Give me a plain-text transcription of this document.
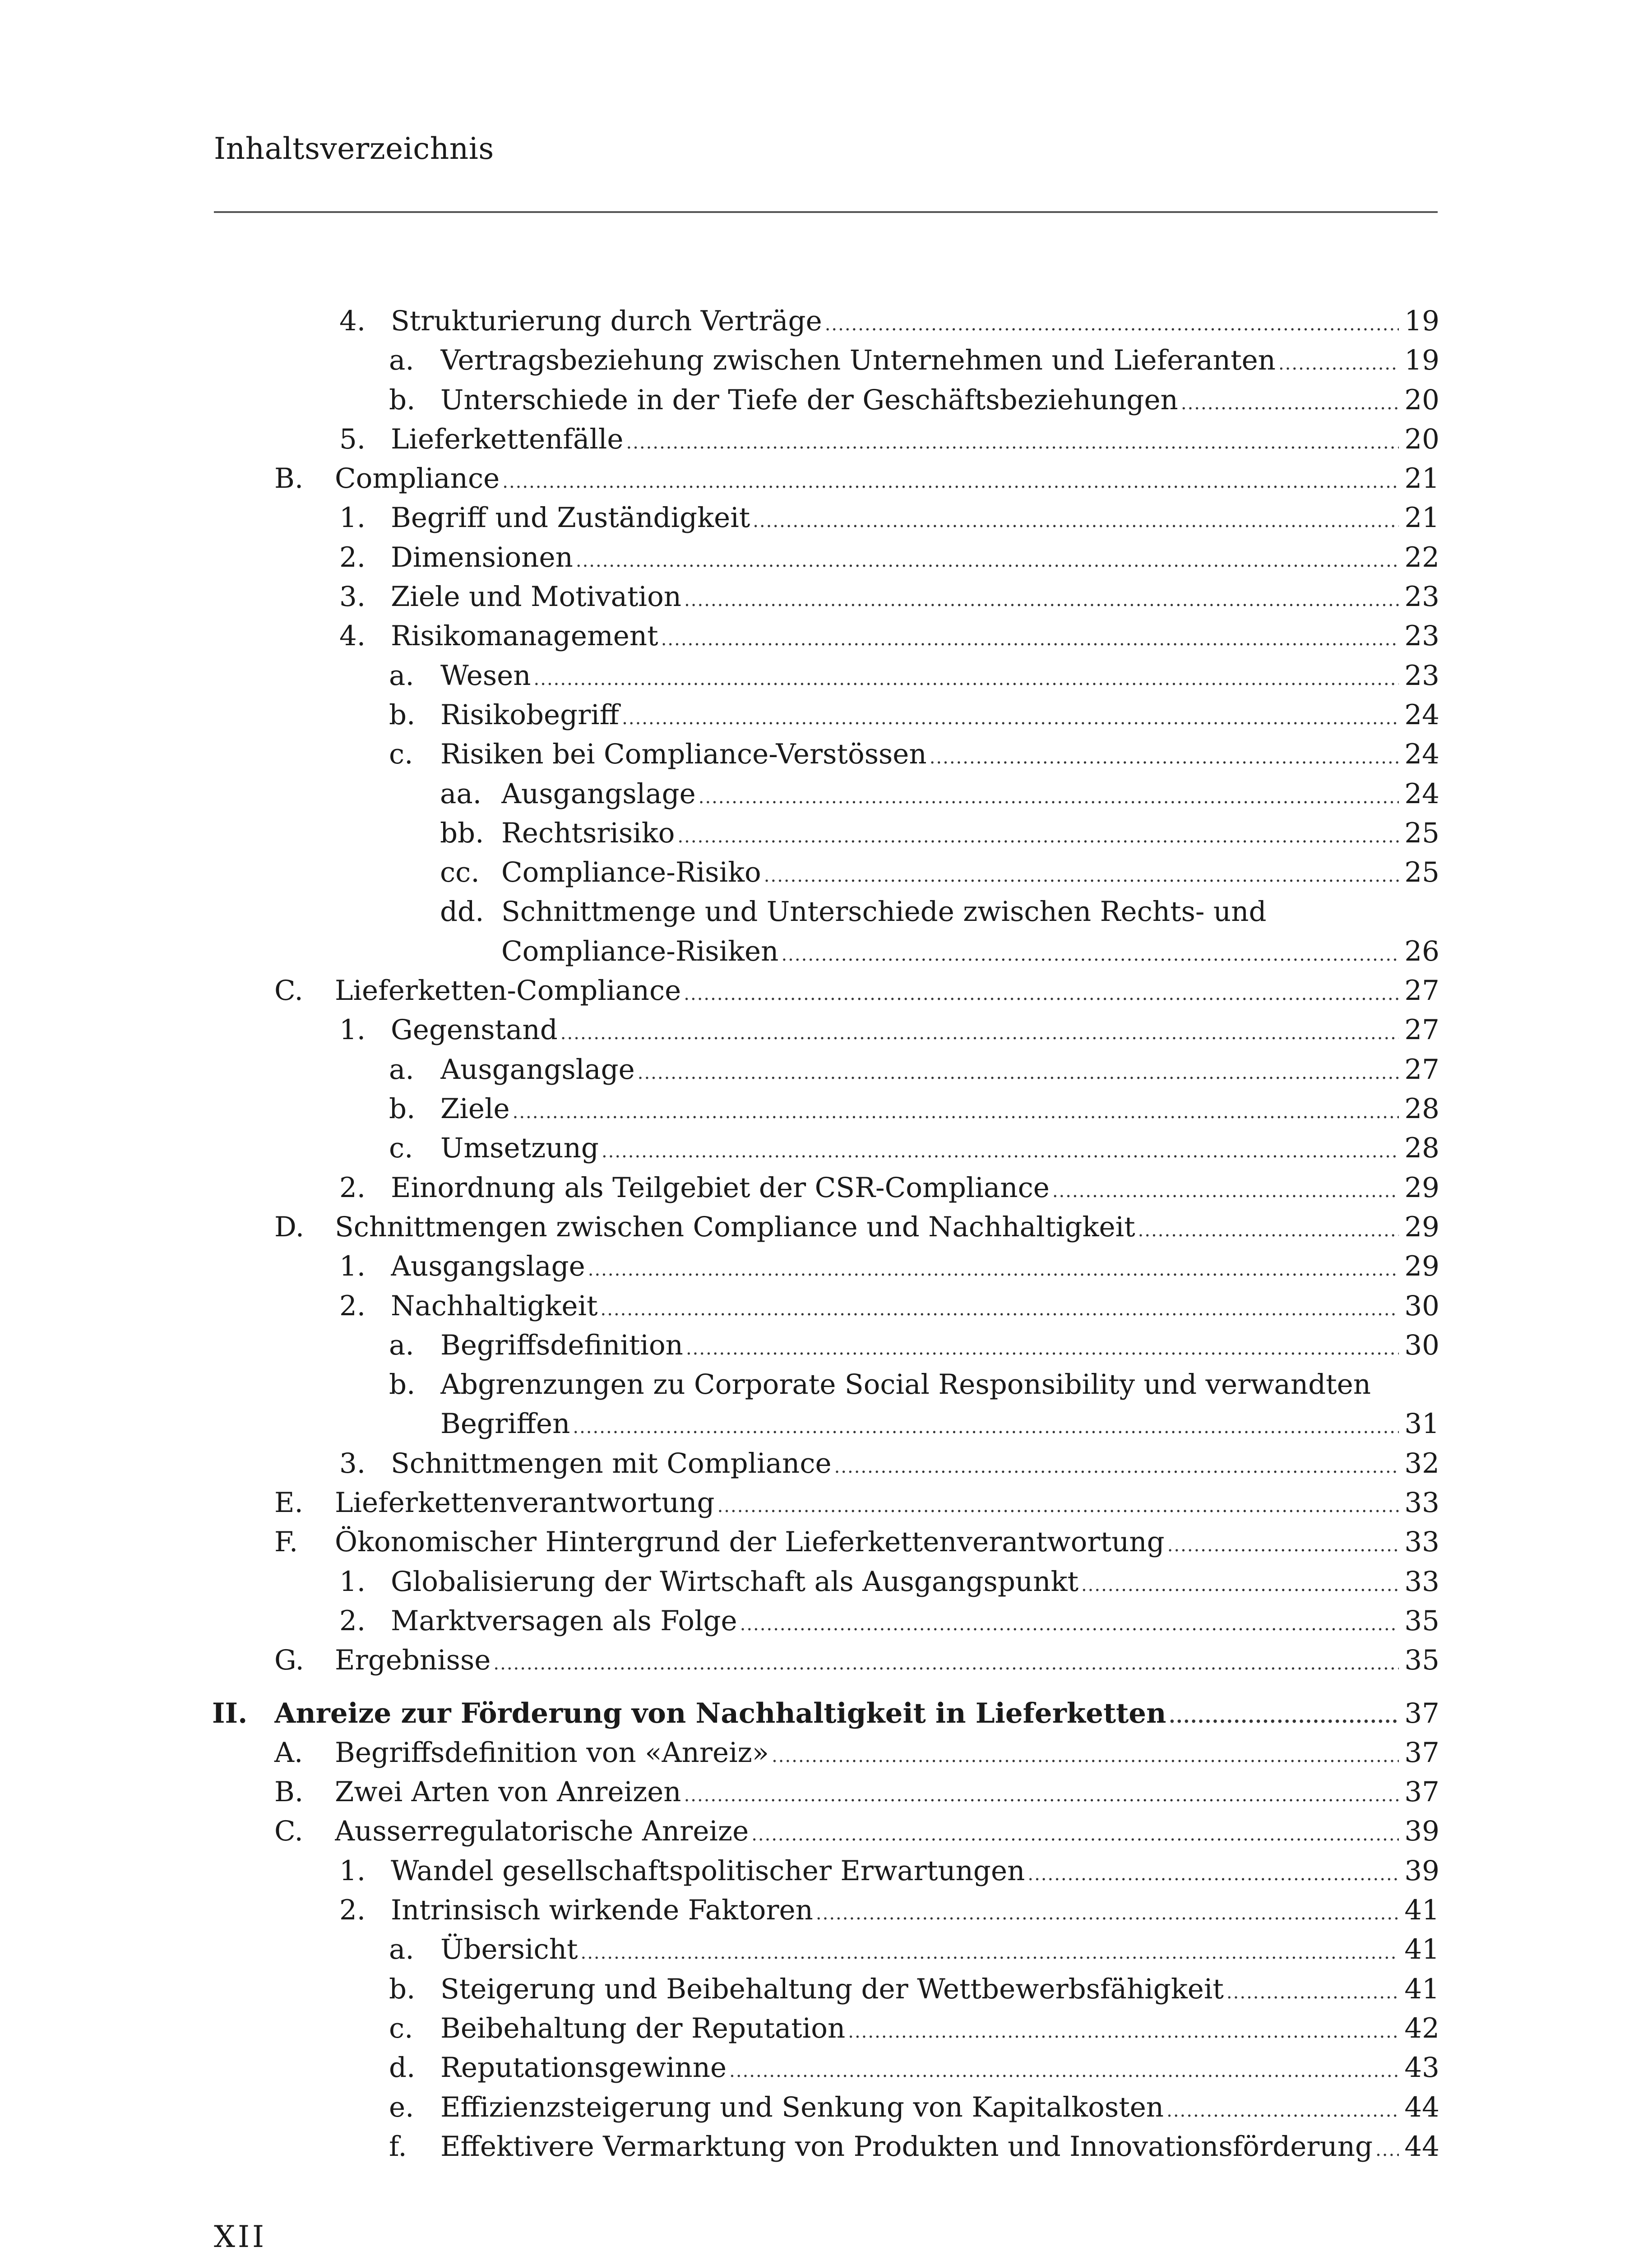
Inhaltsverzeichnis
4. Strukturierung durch Verträge .....	19
a. Vertragsbeziehung zwischen Unternehmen und Lieferanten .....	19
b. Unterschiede in der Tiefe der Geschäftsbeziehungen .....	20
5. Lieferkettenfälle .....	20
B. Compliance .....	21
1. Begriff und Zuständigkeit .....	21
2. Dimensionen .....	22
3. Ziele und Motivation .....	23
4. Risikomanagement .....	23
a. Wesen .....	23
b. Risikobegriff .....	24
c. Risiken bei Compliance-Verstössen .....	24
aa. Ausgangslage .....	24
bb. Rechtsrisiko .....	25
cc. Compliance-Risiko .....	25
dd. Schnittmenge und Unterschiede zwischen Rechts- und
Compliance-Risiken .....	26
C. Lieferketten-Compliance .....	27
1. Gegenstand .....	27
a. Ausgangslage .....	27
b. Ziele .....	28
c. Umsetzung .....	28
2. Einordnung als Teilgebiet der CSR-Compliance .....	29
D. Schnittmengen zwischen Compliance und Nachhaltigkeit .....	29
1. Ausgangslage .....	29
2. Nachhaltigkeit .....	30
a. Begriffsdefinition .....	30
b. Abgrenzungen zu Corporate Social Responsibility und verwandten
Begriffen .....	31
3. Schnittmengen mit Compliance .....	32
E. Lieferkettenverantwortung .....	33
F. Ökonomischer Hintergrund der Lieferkettenverantwortung .....	33
1. Globalisierung der Wirtschaft als Ausgangspunkt .....	33
2. Marktversagen als Folge .....	35
G. Ergebnisse .....	35
II. Anreize zur Förderung von Nachhaltigkeit in Lieferketten .....	37
A. Begriffsdefinition von «Anreiz» .....	37
B. Zwei Arten von Anreizen .....	37
C. Ausserregulatorische Anreize .....	39
1. Wandel gesellschaftspolitischer Erwartungen .....	39
2. Intrinsisch wirkende Faktoren .....	41
a. Übersicht .....	41
b. Steigerung und Beibehaltung der Wettbewerbsfähigkeit .....	41
c. Beibehaltung der Reputation .....	42
d. Reputationsgewinne .....	43
e. Effizienzsteigerung und Senkung von Kapitalkosten .....	44
f. Effektivere Vermarktung von Produkten und Innovationsförderung ..... 44
XII
